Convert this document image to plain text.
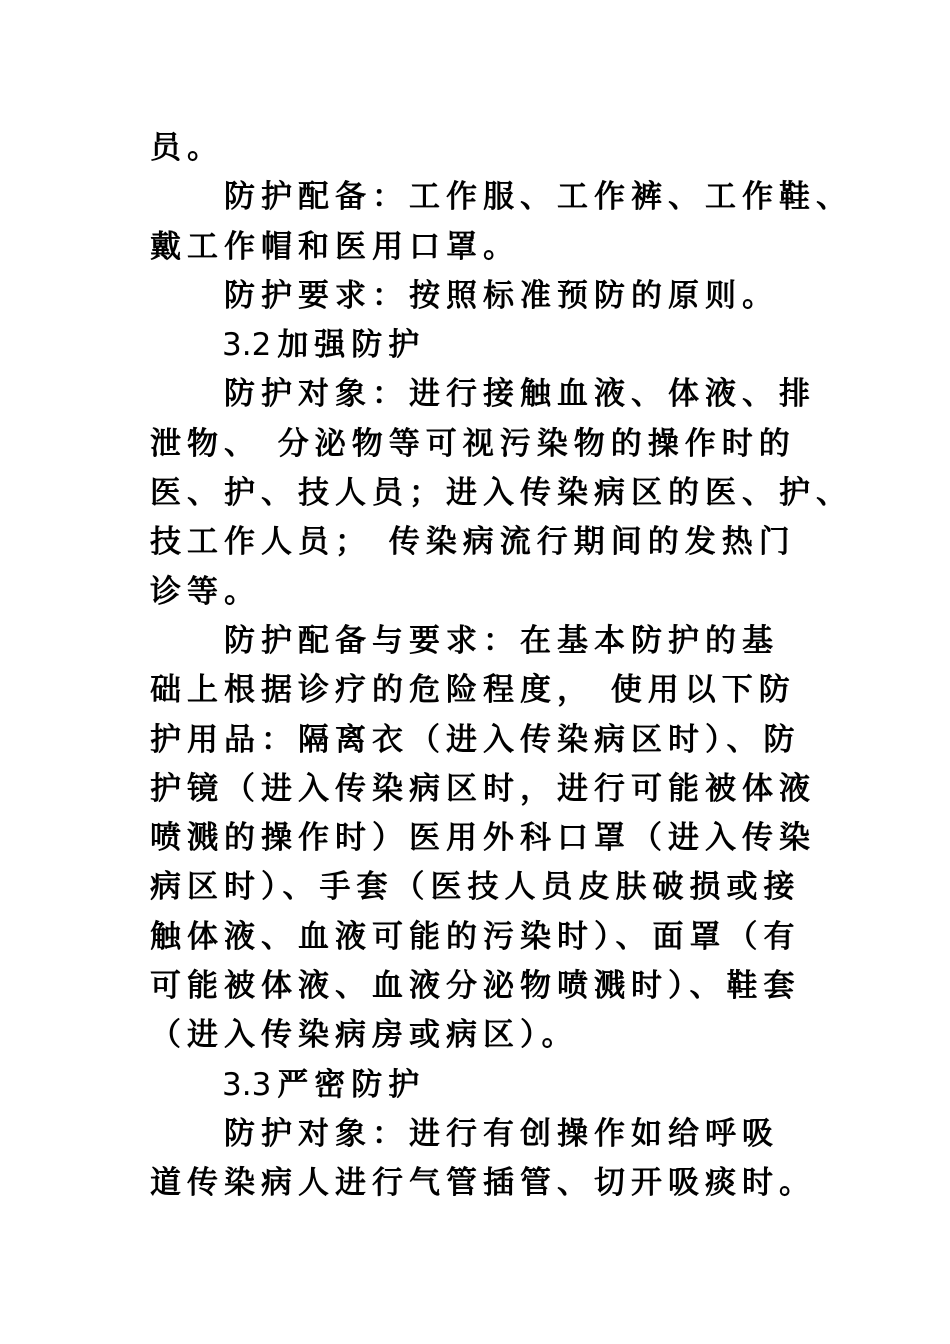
员。
防护配备：工作服、工作裤、工作鞋、
戴工作帽和医用口罩。
防护要求：按照标准预防的原则。
3.2 加强防护
防护对象：进行接触血液、体液、排
泄物、 分泌物等可视污染物的操作时的
医、护、技人员；进入传染病区的医、护、
技工作人员； 传染病流行期间的发热门
诊等。
防护配备与要求：在基本防护的基
础上根据诊疗的危险程度， 使用以下防
护用品：隔离衣（进入传染病区时）、防
护镜（进入传染病区时，进行可能被体液
喷溅的操作时）医用外科口罩（进入传染
病区时）、手套（医技人员皮肤破损或接
触体液、血液可能的污染时）、面罩（有
可能被体液、血液分泌物喷溅时）、鞋套
（进入传染病房或病区）。
3.3 严密防护
防护对象：进行有创操作如给呼吸
道传染病人进行气管插管、切开吸痰时。
